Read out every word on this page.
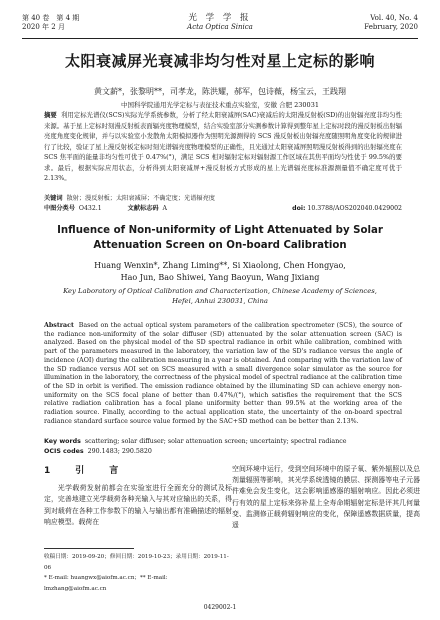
第 40 卷　第 4 期
2020 年 2 月
光 学 学 报
Acta Optica Sinica
Vol. 40, No. 4
February, 2020
太阳衰减屏光衰减非均匀性对星上定标的影响
黄文薪*，张黎明**，司孝龙，陈洪耀，郝军，包诗薇，杨宝云，王践翔
中国科学院通用光学定标与表征技术重点实验室，安徽 合肥 230031
摘要 利用定标光谱仪(SCS)实际光学系统参数，分析了经太阳衰减屏(SAC)衰减后的太阳漫反射板(SD)的出射辐亮度非均匀性来源。基于星上定标时刻漫反射板表面辐亮度物理模型，结合实验室部分实测参数计算得到整年星上定标时段的漫反射板出射辐亮度角度变化规律，并与以实验室小发散角太阳模拟器作为照明光源测得的 SCS 漫反射板出射辐亮度随照明角度变化的规律进行了比较，验证了星上漫反射板定标时刻光谱辐亮度物理模型的正确性，且光通过太阳衰减屏照明漫反射板得到的出射辐亮度在 SCS 焦平面的能量非均匀性可优于 0.47%(°)，满足 SCS 相对辐射定标对辐射源工作区域在其焦平面均匀性优于 99.5%的要求。最后，根据实际应用状态，分析得到太阳衰减屏+漫反射板方式形成的星上光谱辐亮度标准源测量值不确定度可优于 2.13%。
关键词 散射；漫反射板；太阳衰减屏；不确定度；光谱辐亮度
中图分类号 O432.1	文献标志码 A	doi: 10.3788/AOS202040.0429002
Influence of Non-uniformity of Light Attenuated by Solar Attenuation Screen on On-board Calibration
Huang Wenxin*, Zhang Liming**, Si Xiaolong, Chen Hongyao,
Hao Jun, Bao Shiwei, Yang Baoyun, Wang Jixiang
Key Laboratory of Optical Calibration and Characterization, Chinese Academy of Sciences,
Hefei, Anhui 230031, China
Abstract Based on the actual optical system parameters of the calibration spectrometer (SCS), the source of the radiance non-uniformity of the solar diffuser (SD) attenuated by the solar attenuation screen (SAC) is analyzed. Based on the physical model of the SD spectral radiance in orbit while calibration, combined with part of the parameters measured in the laboratory, the variation law of the SD's radiance versus the angle of incidence (AOI) during the calibration measuring in a year is obtained. And comparing with the variation law of the SD radiance versus AOI set on SCS measured with a small divergence solar simulator as the source for illumination in the laboratory, the correctness of the physical model of spectral radiance at the calibration time of the SD in orbit is verified. The emission radiance obtained by the illuminating SD can achieve energy non-uniformity on the SCS focal plane of better than 0.47%/(°), which satisfies the requirement that the SCS relative radiation calibration has a focal plane uniformity better than 99.5% at the working area of the radiation source. Finally, according to the actual application state, the uncertainty of the on-board spectral radiance standard surface source value formed by the SAC+SD method can be better than 2.13%.
Key words scattering; solar diffuser; solar attenuation screen; uncertainty; spectral radiance
OCIS codes 290.1483; 290.5820
1　引　言

光学载荷发射前都会在实验室进行全面充分的测试及标定，完善地建立光学载荷各种光输入与其对应输出的关系，得到对载荷在各种工作参数下的输入与输出都有准确描述的辐射响应模型。载荷在

空间环境中运行，受到空间环境中的原子氧、紫外辐照以及总剂量辐照等影响，其光学系统透镜的膜层、探测器等电子元器件难免会发生变化，这会影响遥感器的辐射响应。因此必须进行有效的星上定标来弥补星上全寿命期辐射定标是评其几何量变、监测修正载荷辐射响应的变化，保障遥感数据质量，提高遥

收稿日期：2019-09-20；修回日期：2019-10-23；录用日期：2019-11-06
* E-mail: huangwx@aiofm.ac.cn；** E-mail: lmzhang@aiofm.ac.cn
0429002-1
